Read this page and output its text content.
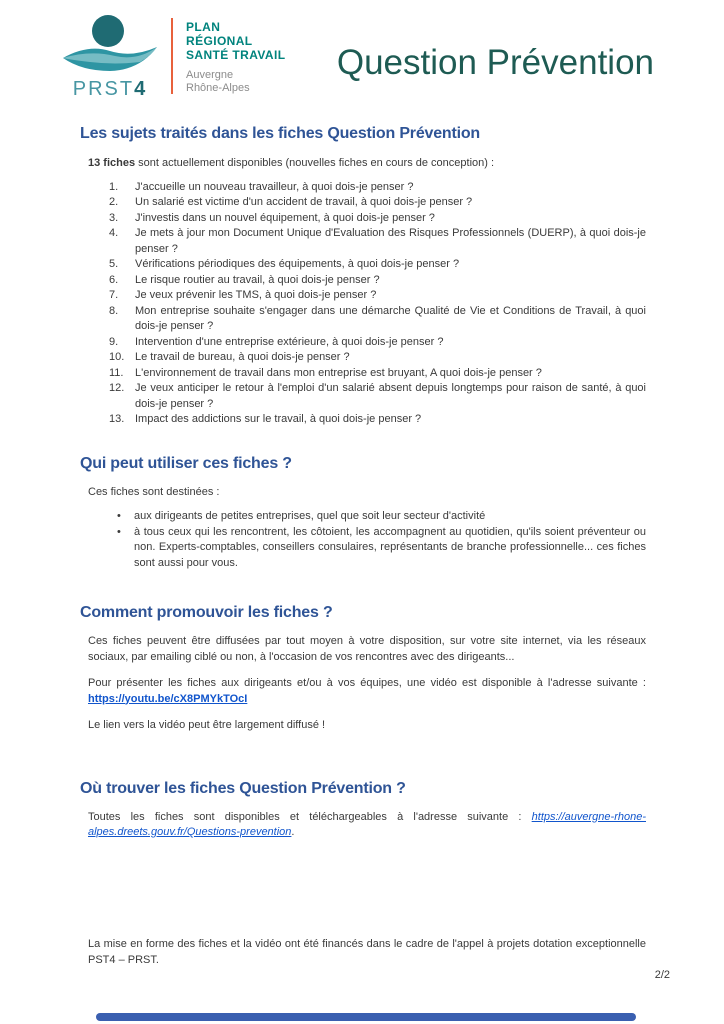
PRST4
PLAN
RÉGIONAL
SANTÉ TRAVAIL
Auvergne
Rhône-Alpes
Question Prévention
Les sujets traités dans les fiches Question Prévention

13 fiches sont actuellement disponibles (nouvelles fiches en cours de conception) :

J'accueille un nouveau travailleur, à quoi dois-je penser ?
Un salarié est victime d'un accident de travail, à quoi dois-je penser ?
J'investis dans un nouvel équipement, à quoi dois-je penser ?
Je mets à jour mon Document Unique d'Evaluation des Risques Professionnels (DUERP), à quoi dois-je penser ?
Vérifications périodiques des équipements, à quoi dois-je penser ?
Le risque routier au travail, à quoi dois-je penser ?
Je veux prévenir les TMS, à quoi dois-je penser ?
Mon entreprise souhaite s'engager dans une démarche Qualité de Vie et Conditions de Travail, à quoi dois-je penser ?
Intervention d'une entreprise extérieure, à quoi dois-je penser ?
Le travail de bureau, à quoi dois-je penser ?
L'environnement de travail dans mon entreprise est bruyant, A quoi dois-je penser ?
Je veux anticiper le retour à l'emploi d'un salarié absent depuis longtemps pour raison de santé, à quoi dois-je penser ?
Impact des addictions sur le travail, à quoi dois-je penser ?
Qui peut utiliser ces fiches ?

Ces fiches sont destinées :

• aux dirigeants de petites entreprises, quel que soit leur secteur d'activité
• à tous ceux qui les rencontrent, les côtoient, les accompagnent au quotidien, qu'ils soient préventeur ou non. Experts-comptables, conseillers consulaires, représentants de branche professionnelle... ces fiches sont aussi pour vous.
Comment promouvoir les fiches ?

Ces fiches peuvent être diffusées par tout moyen à votre disposition, sur votre site internet, via les réseaux sociaux, par emailing ciblé ou non, à l'occasion de vos rencontres avec des dirigeants...

Pour présenter les fiches aux dirigeants et/ou à vos équipes, une vidéo est disponible à l'adresse suivante : https://youtu.be/cX8PMYkTOcI

Le lien vers la vidéo peut être largement diffusé !

Où trouver les fiches Question Prévention ?

Toutes les fiches sont disponibles et téléchargeables à l'adresse suivante : https://auvergne-rhone-alpes.dreets.gouv.fr/Questions-prevention.

La mise en forme des fiches et la vidéo ont été financés dans le cadre de l'appel à projets dotation exceptionnelle PST4 – PRST.

2/2
